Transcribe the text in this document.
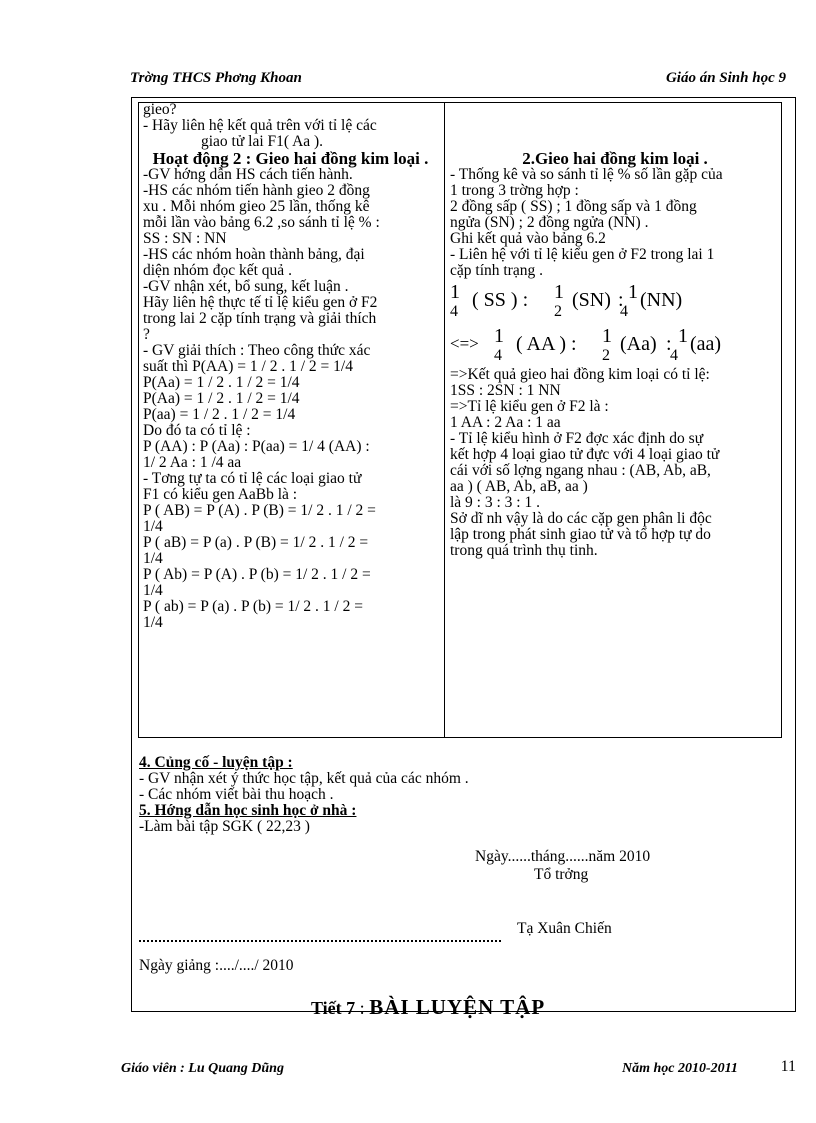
Trờng THCS Phơng Khoan	Giáo án Sinh học 9
gieo?
- Hãy liên hệ kết quả trên với tỉ lệ các
giao tử lai F1( Aa ).
Hoạt động 2 : Gieo hai đồng kim loại .
-GV hớng dẫn HS cách tiến hành.
-HS các nhóm tiến hành gieo 2 đồng
xu . Mỗi nhóm gieo 25 lần, thống kê
mỗi lần vào bảng 6.2 ,so sánh tỉ lệ % :
SS : SN : NN
-HS các nhóm hoàn thành bảng, đại
diện nhóm đọc kết quả .
-GV nhận xét, bổ sung, kết luận .
Hãy liên hệ thực tế tỉ lệ kiểu gen ở F2
trong lai 2 cặp tính trạng và giải thích
?
- GV giải thích : Theo công thức xác
suất thì P(AA) = 1 / 2 . 1 / 2 = 1/4
P(Aa) = 1 / 2 . 1 / 2 = 1/4
P(Aa) = 1 / 2 . 1 / 2 = 1/4
P(aa) = 1 / 2 . 1 / 2 = 1/4
Do đó ta có tỉ lệ :
P (AA) : P (Aa) : P(aa) = 1/ 4 (AA) :
1/ 2 Aa : 1 /4 aa
- Tơng tự ta có tỉ lệ các loại giao tử
F1 có kiểu gen AaBb là :
P ( AB) = P (A) . P (B) = 1/ 2 . 1 / 2 =
1/4
P ( aB) = P (a) . P (B) = 1/ 2 . 1 / 2 =
1/4
P ( Ab) = P (A) . P (b) = 1/ 2 . 1 / 2 =
1/4
P ( ab) = P (a) . P (b) = 1/ 2 . 1 / 2 =
1/4
2.Gieo hai đồng kim loại .
- Thống kê và so sánh tỉ lệ % số lần gặp của
1 trong 3 trờng hợp :
2 đồng sấp ( SS) ; 1 đồng sấp và 1 đồng
ngửa (SN) ; 2 đồng ngửa (NN) .
Ghi kết quả vào bảng 6.2
- Liên hệ với tỉ lệ kiểu gen ở F2 trong lai 1
cặp tính trạng .
1
4
( SS ) : 1
2
(SN) : 1
4
(NN)
<=> 1
4
( AA ) : 1
2
(Aa) : 1
4
(aa)
=>Kết quả gieo hai đồng kim loại có tỉ lệ:
1SS : 2SN : 1 NN
=>Tỉ lệ kiểu gen ở F2 là :
1 AA : 2 Aa : 1 aa
- Tỉ lệ kiểu hình ở F2 đợc xác định do sự
kết hợp 4 loại giao tử đực với 4 loại giao tử
cái với số lợng ngang nhau : (AB, Ab, aB,
aa ) ( AB, Ab, aB, aa )
là 9 : 3 : 3 : 1 .
Sở dĩ nh vậy là do các cặp gen phân li độc
lập trong phát sinh giao tử và tổ hợp tự do
trong quá trình thụ tinh.
4. Củng cố - luyện tập :
- GV nhận xét ý thức học tập, kết quả của các nhóm .
- Các nhóm viết bài thu hoạch .
5. Hớng dẫn học sinh học ở nhà :
-Làm bài tập SGK ( 22,23 )
Ngày......tháng......năm 2010
Tổ trởng
Tạ Xuân Chiến
Ngày giảng :..../..../ 2010
Tiết 7 : BÀI LUYỆN TẬP
Giáo viên : Lu Quang Dũng	Năm học 2010-2011	11
